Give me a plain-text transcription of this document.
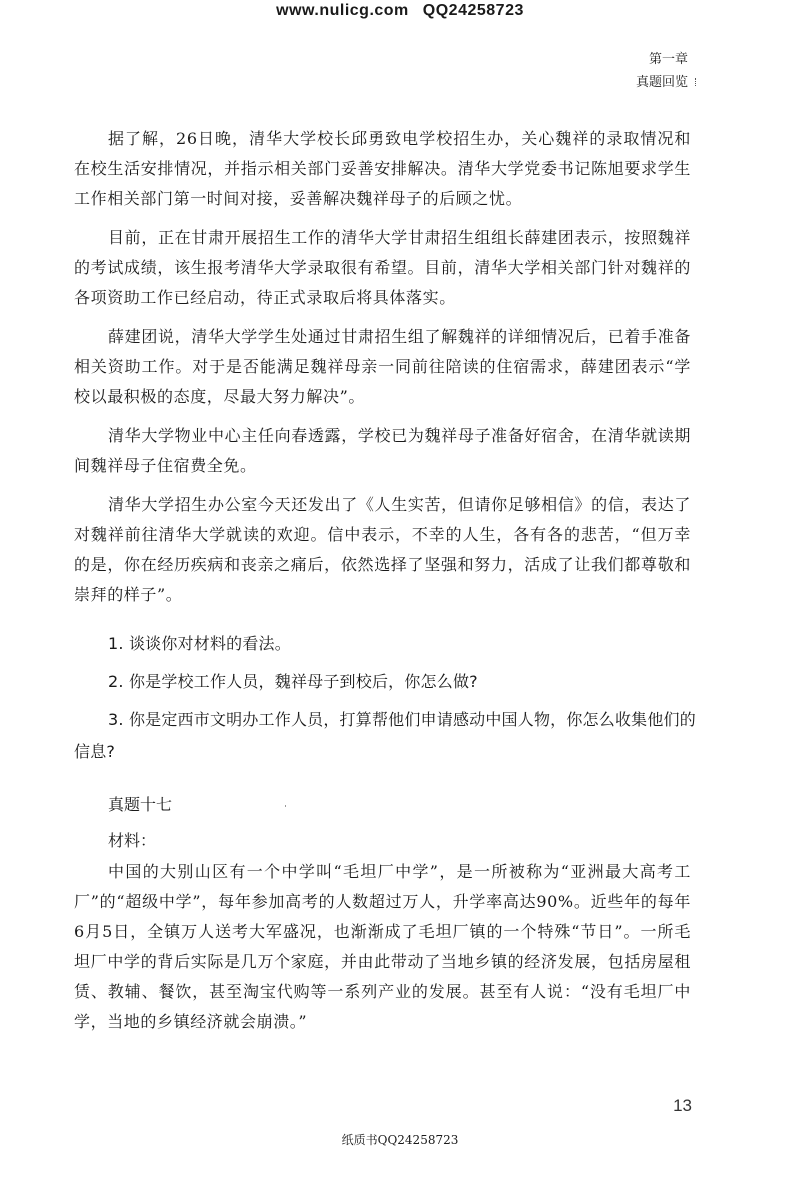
www.nulicg.com QQ24258723
第一章
真题回览

据了解，26日晚，清华大学校长邱勇致电学校招生办，关心魏祥的录取情况和在校生活安排情况，并指示相关部门妥善安排解决。清华大学党委书记陈旭要求学生工作相关部门第一时间对接，妥善解决魏祥母子的后顾之忧。

目前，正在甘肃开展招生工作的清华大学甘肃招生组组长薛建团表示，按照魏祥的考试成绩，该生报考清华大学录取很有希望。目前，清华大学相关部门针对魏祥的各项资助工作已经启动，待正式录取后将具体落实。

薛建团说，清华大学学生处通过甘肃招生组了解魏祥的详细情况后，已着手准备相关资助工作。对于是否能满足魏祥母亲一同前往陪读的住宿需求，薛建团表示“学校以最积极的态度，尽最大努力解决”。

清华大学物业中心主任向春透露，学校已为魏祥母子准备好宿舍，在清华就读期间魏祥母子住宿费全免。

清华大学招生办公室今天还发出了《人生实苦，但请你足够相信》的信，表达了对魏祥前往清华大学就读的欢迎。信中表示，不幸的人生，各有各的悲苦，“但万幸的是，你在经历疾病和丧亲之痛后，依然选择了坚强和努力，活成了让我们都尊敬和崇拜的样子”。

1. 谈谈你对材料的看法。

2. 你是学校工作人员，魏祥母子到校后，你怎么做?

3. 你是定西市文明办工作人员，打算帮他们申请感动中国人物，你怎么收集他们的信息?

真题十七
材料：

中国的大别山区有一个中学叫“毛坦厂中学”，是一所被称为“亚洲最大高考工厂”的“超级中学”，每年参加高考的人数超过万人，升学率高达90%。近些年的每年6月5日，全镇万人送考大军盛况，也渐渐成了毛坦厂镇的一个特殊“节日”。一所毛坦厂中学的背后实际是几万个家庭，并由此带动了当地乡镇的经济发展，包括房屋租赁、教辅、餐饮，甚至淘宝代购等一系列产业的发展。甚至有人说：“没有毛坦厂中学，当地的乡镇经济就会崩溃。”

13
纸质书QQ24258723
